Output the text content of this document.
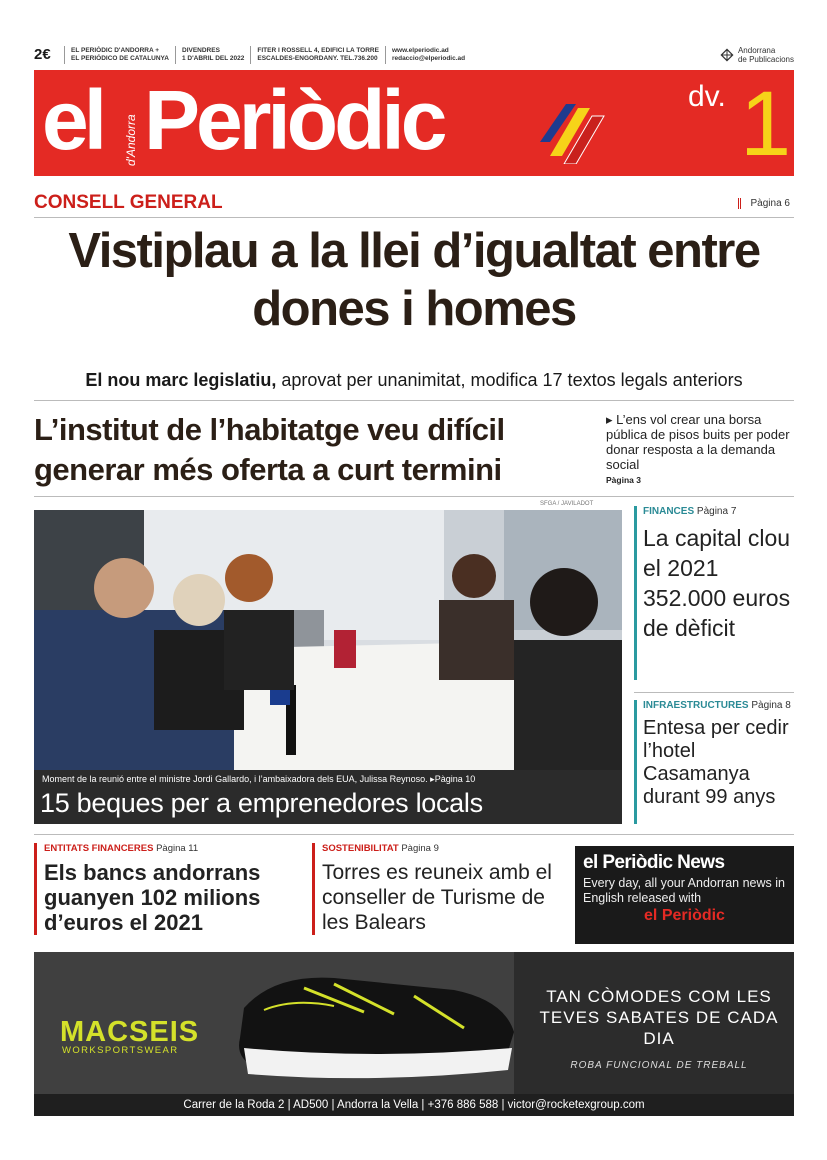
2€	EL PERIÒDIC D'ANDORRA +
EL PERIÓDICO DE CATALUNYA
DIVENDRES
1 D'ABRIL DEL 2022
FITER I ROSSELL 4, EDIFICI LA TORRE
ESCALDES-ENGORDANY. TEL.736.200
www.elperiodic.ad
redaccio@elperiodic.ad
Andorrana
de Publicacions
el d'Andorra Periòdic	dv. 1
CONSELL GENERAL	Pàgina 6
Vistiplau a la llei d’igualtat entre dones i homes

El nou marc legislatiu, aprovat per unanimitat, modifica 17 textos legals anteriors

L’institut de l’habitatge veu difícil generar més oferta a curt termini
▸ L’ens vol crear una borsa pública de pisos buits per poder donar resposta a la demanda social
Pàgina 3
SFGA / JAVILADOT
Moment de la reunió entre el ministre Jordi Gallardo, i l’ambaixadora dels EUA, Julissa Reynoso. ▸Pàgina 10
15 beques per a emprenedores locals
FINANCES Pàgina 7
La capital clou el 2021 352.000 euros de dèficit
INFRAESTRUCTURES Pàgina 8
Entesa per cedir l’hotel Casamanya durant 99 anys
ENTITATS FINANCERES Pàgina 11
Els bancs andorrans guanyen 102 milions d’euros el 2021
SOSTENIBILITAT Pàgina 9
Torres es reuneix amb el conseller de Turisme de les Balears
el Periòdic News
Every day, all your Andorran news in English released with
el Periòdic
MACSEIS
WORKSPORTSWEAR
TAN CÒMODES COM LES TEVES SABATES DE CADA DIA
ROBA FUNCIONAL DE TREBALL
Carrer de la Roda 2 | AD500 | Andorra la Vella | +376 886 588 | victor@rocketexgroup.com
